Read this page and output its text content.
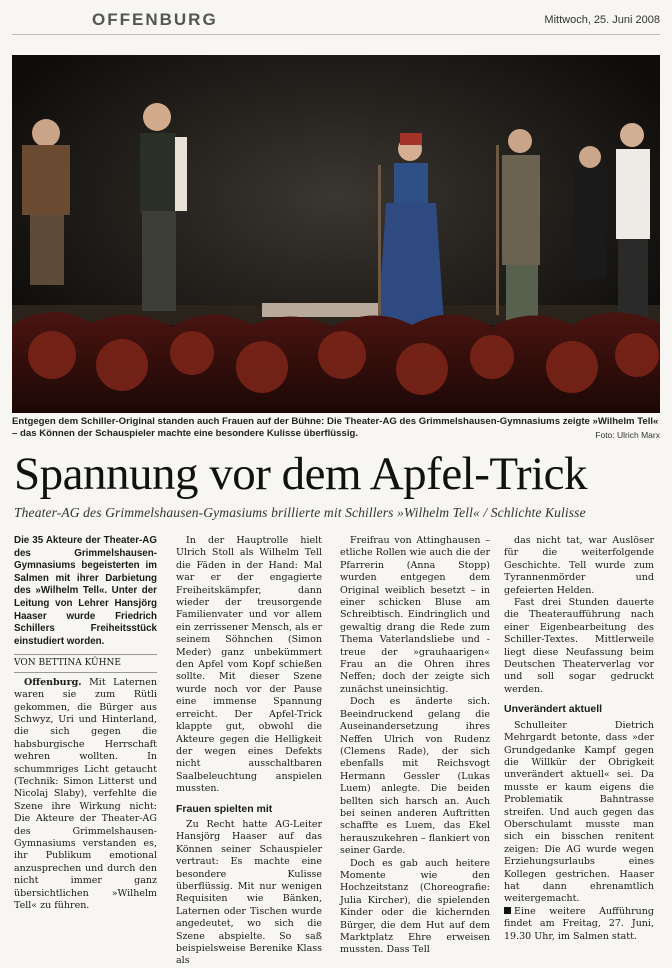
OFFENBURG	Mittwoch, 25. Juni 2008
Entgegen dem Schiller-Original standen auch Frauen auf der Bühne: Die Theater-AG des Grimmelshausen-Gymnasiums zeigte »Wilhelm Tell« – das Können der Schauspieler machte eine besondere Kulisse überflüssig.	Foto: Ulrich Marx
Spannung vor dem Apfel-Trick
Theater-AG des Grimmelshausen-Gymasiums brillierte mit Schillers »Wilhelm Tell« / Schlichte Kulisse

Die 35 Akteure der Theater-AG des Grimmelshausen-Gymnasiums begeisterten im Salmen mit ihrer Darbietung des »Wilhelm Tell«. Unter der Leitung von Lehrer Hansjörg Haaser wurde Friedrich Schillers Freiheitsstück einstudiert worden.

VON BETTINA KÜHNE

Offenburg. Mit Laternen waren sie zum Rütli gekommen, die Bürger aus Schwyz, Uri und Hinterland, die sich gegen die habsburgische Herrschaft wehren wollten. In schummriges Licht getaucht (Technik: Simon Litterst und Nicolaj Slaby), verfehlte die Szene ihre Wirkung nicht: Die Akteure der Theater-AG des Grimmelshausen-Gymnasiums verstanden es, ihr Publikum emotional anzusprechen und durch den nicht immer ganz übersichtlichen »Wilhelm Tell« zu führen.

In der Hauptrolle hielt Ulrich Stoll als Wilhelm Tell die Fäden in der Hand: Mal war er der engagierte Freiheitskämpfer, dann wieder der treusorgende Familienvater und vor allem ein zerrissener Mensch, als er seinem Söhnchen (Simon Meder) ganz unbekümmert den Apfel vom Kopf schießen sollte. Mit dieser Szene wurde noch vor der Pause eine immense Spannung erreicht. Der Apfel-Trick klappte gut, obwohl die Akteure gegen die Helligkeit der wegen eines Defekts nicht ausschaltbaren Saalbeleuchtung anspielen mussten.

Frauen spielten mit

Zu Recht hatte AG-Leiter Hansjörg Haaser auf das Können seiner Schauspieler vertraut: Es machte eine besondere Kulisse überflüssig. Mit nur wenigen Requisiten wie Bänken, Laternen oder Tischen wurde angedeutet, wo sich die Szene abspielte. So saß beispielsweise Berenike Klass als

Freifrau von Attinghausen – etliche Rollen wie auch die der Pfarrerin (Anna Stopp) wurden entgegen dem Original weiblich besetzt – in einer schicken Bluse am Schreibtisch. Eindringlich und gewaltig drang die Rede zum Thema Vaterlandsliebe und -treue der »grauhaarigen« Frau an die Ohren ihres Neffen; doch der zeigte sich zunächst uneinsichtig.

Doch es änderte sich. Beeindruckend gelang die Auseinandersetzung ihres Neffen Ulrich von Rudenz (Clemens Rade), der sich ebenfalls mit Reichsvogt Hermann Gessler (Lukas Luem) anlegte. Die beiden bellten sich harsch an. Auch bei seinen anderen Auftritten schaffte es Luem, das Ekel herauszukehren – flankiert von seiner Garde.

Doch es gab auch heitere Momente wie den Hochzeitstanz (Choreografie: Julia Kircher), die spielenden Kinder oder die kichernden Bürger, die dem Hut auf dem Marktplatz Ehre erweisen mussten. Dass Tell

das nicht tat, war Auslöser für die weiterfolgende Geschichte. Tell wurde zum Tyrannenmörder und gefeierten Helden.

Fast drei Stunden dauerte die Theateraufführung nach einer Eigenbearbeitung des Schiller-Textes. Mittlerweile liegt diese Neufassung beim Deutschen Theaterverlag vor und soll sogar gedruckt werden.

Unverändert aktuell

Schulleiter Dietrich Mehrgardt betonte, dass »der Grundgedanke Kampf gegen die Willkür der Obrigkeit unverändert aktuell« sei. Da musste er kaum eigens die Problematik Bahntrasse streifen. Und auch gegen das Oberschulamt musste man sich ein bisschen renitent zeigen: Die AG wurde wegen Erziehungsurlaubs eines Kollegen gestrichen. Haaser hat dann ehrenamtlich weitergemacht.

Eine weitere Aufführung findet am Freitag, 27. Juni, 19.30 Uhr, im Salmen statt.
